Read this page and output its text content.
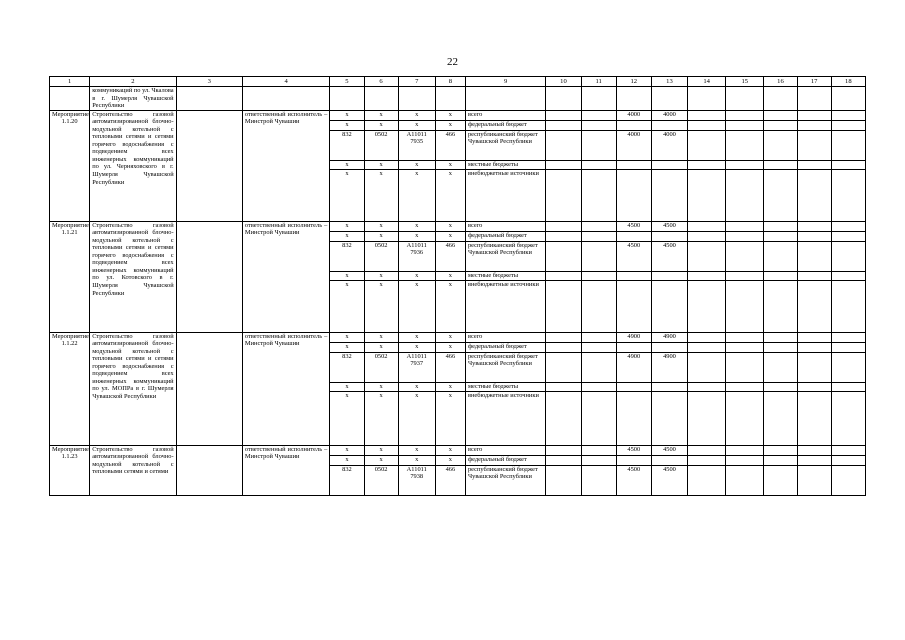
22
1	2	3	4	5	6	7	8	9	10	11	12	13	14	15	16	17	18
	коммуникаций по ул. Чкалова в г. Шумерля Чувашской Республики																
Мероприятие 1.1.20	Строительство газовой автоматизированной блочно-модульной котельной с тепловыми сетями и сетями горячего водоснабжения с подведением всех инженерных коммуникаций по ул. Черняховского в г. Шумерля Чувашской Республики		ответственный исполнитель – Минстрой Чувашии	x	x	x	x	всего			4000	4000					
				x	x	x	x	федеральный бюджет									
				832	0502	А11011 7935	466	республиканский бюджет Чувашской Республики			4000	4000					
				x	x	x	x	местные бюджеты									
				x	x	x	x	внебюджетные источники									
Мероприятие 1.1.21	Строительство газовой автоматизированной блочно-модульной котельной с тепловыми сетями и сетями горячего водоснабжения с подведением всех инженерных коммуникаций по ул. Котовского в г. Шумерля Чувашской Республики		ответственный исполнитель – Минстрой Чувашии	x	x	x	x	всего			4500	4500					
				x	x	x	x	федеральный бюджет									
				832	0502	А11011 7936	466	республиканский бюджет Чувашской Республики			4500	4500					
				x	x	x	x	местные бюджеты									
				x	x	x	x	внебюджетные источники									
Мероприятие 1.1.22	Строительство газовой автоматизированной блочно-модульной котельной с тепловыми сетями и сетями горячего водоснабжения с подведением всех инженерных коммуникаций по ул. МОПРа в г. Шумерля Чувашской Республики		ответственный исполнитель – Минстрой Чувашии	x	x	x	x	всего			4900	4900					
				x	x	x	x	федеральный бюджет									
				832	0502	А11011 7937	466	республиканский бюджет Чувашской Республики			4900	4900					
				x	x	x	x	местные бюджеты									
				x	x	x	x	внебюджетные источники									
Мероприятие 1.1.23	Строительство газовой автоматизированной блочно-модульной котельной с тепловыми сетями и сетями		ответственный исполнитель – Минстрой Чувашии	x	x	x	x	всего			4500	4500					
				x	x	x	x	федеральный бюджет									
				832	0502	А11011 7938	466	республиканский бюджет Чувашской Республики			4500	4500					
